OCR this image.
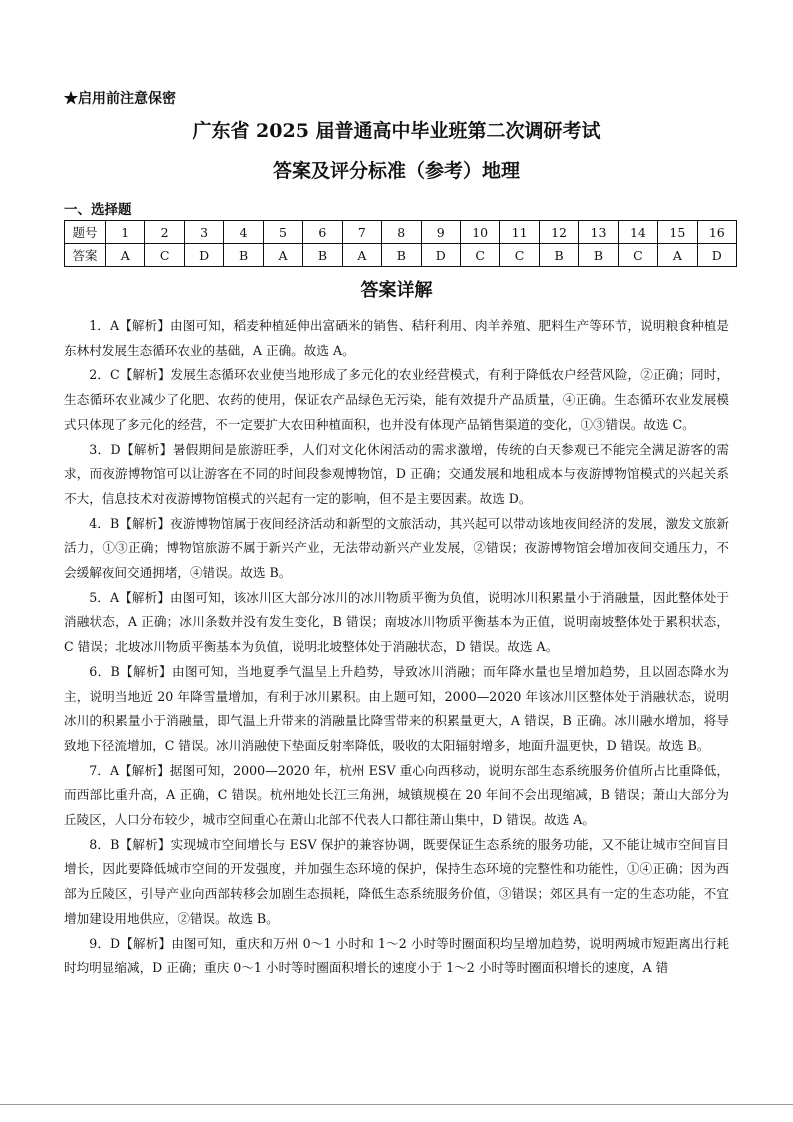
★启用前注意保密
广东省 2025 届普通高中毕业班第二次调研考试
答案及评分标准（参考）地理
一、选择题
题号	1	2	3	4	5	6	7	8	9	10	11	12	13	14	15	16
答案	A	C	D	B	A	B	A	B	D	C	C	B	B	C	A	D
答案详解

1．A【解析】由图可知，稻麦种植延伸出富硒米的销售、秸秆利用、肉羊养殖、肥料生产等环节，说明粮食种植是东林村发展生态循环农业的基础，A 正确。故选 A。

2．C【解析】发展生态循环农业使当地形成了多元化的农业经营模式，有利于降低农户经营风险，②正确；同时，生态循环农业减少了化肥、农药的使用，保证农产品绿色无污染，能有效提升产品质量，④正确。生态循环农业发展模式只体现了多元化的经营，不一定要扩大农田种植面积，也并没有体现产品销售渠道的变化，①③错误。故选 C。

3．D【解析】暑假期间是旅游旺季，人们对文化休闲活动的需求激增，传统的白天参观已不能完全满足游客的需求，而夜游博物馆可以让游客在不同的时间段参观博物馆，D 正确；交通发展和地租成本与夜游博物馆模式的兴起关系不大，信息技术对夜游博物馆模式的兴起有一定的影响，但不是主要因素。故选 D。

4．B【解析】夜游博物馆属于夜间经济活动和新型的文旅活动，其兴起可以带动该地夜间经济的发展，激发文旅新活力，①③正确；博物馆旅游不属于新兴产业，无法带动新兴产业发展，②错误；夜游博物馆会增加夜间交通压力，不会缓解夜间交通拥堵，④错误。故选 B。

5．A【解析】由图可知，该冰川区大部分冰川的冰川物质平衡为负值，说明冰川积累量小于消融量，因此整体处于消融状态，A 正确；冰川条数并没有发生变化，B 错误；南坡冰川物质平衡基本为正值，说明南坡整体处于累积状态，C 错误；北坡冰川物质平衡基本为负值，说明北坡整体处于消融状态，D 错误。故选 A。

6．B【解析】由图可知，当地夏季气温呈上升趋势，导致冰川消融；而年降水量也呈增加趋势，且以固态降水为主，说明当地近 20 年降雪量增加，有利于冰川累积。由上题可知，2000—2020 年该冰川区整体处于消融状态，说明冰川的积累量小于消融量，即气温上升带来的消融量比降雪带来的积累量更大，A 错误，B 正确。冰川融水增加，将导致地下径流增加，C 错误。冰川消融使下垫面反射率降低，吸收的太阳辐射增多，地面升温更快，D 错误。故选 B。

7．A【解析】据图可知，2000—2020 年，杭州 ESV 重心向西移动，说明东部生态系统服务价值所占比重降低，而西部比重升高，A 正确，C 错误。杭州地处长江三角洲，城镇规模在 20 年间不会出现缩减，B 错误；萧山大部分为丘陵区，人口分布较少，城市空间重心在萧山北部不代表人口都往萧山集中，D 错误。故选 A。

8．B【解析】实现城市空间增长与 ESV 保护的兼容协调，既要保证生态系统的服务功能，又不能让城市空间盲目增长，因此要降低城市空间的开发强度，并加强生态环境的保护，保持生态环境的完整性和功能性，①④正确；因为西部为丘陵区，引导产业向西部转移会加剧生态损耗，降低生态系统服务价值，③错误；郊区具有一定的生态功能，不宜增加建设用地供应，②错误。故选 B。

9．D【解析】由图可知，重庆和万州 0～1 小时和 1～2 小时等时圈面积均呈增加趋势，说明两城市短距离出行耗时均明显缩减，D 正确；重庆 0～1 小时等时圈面积增长的速度小于 1～2 小时等时圈面积增长的速度，A 错
